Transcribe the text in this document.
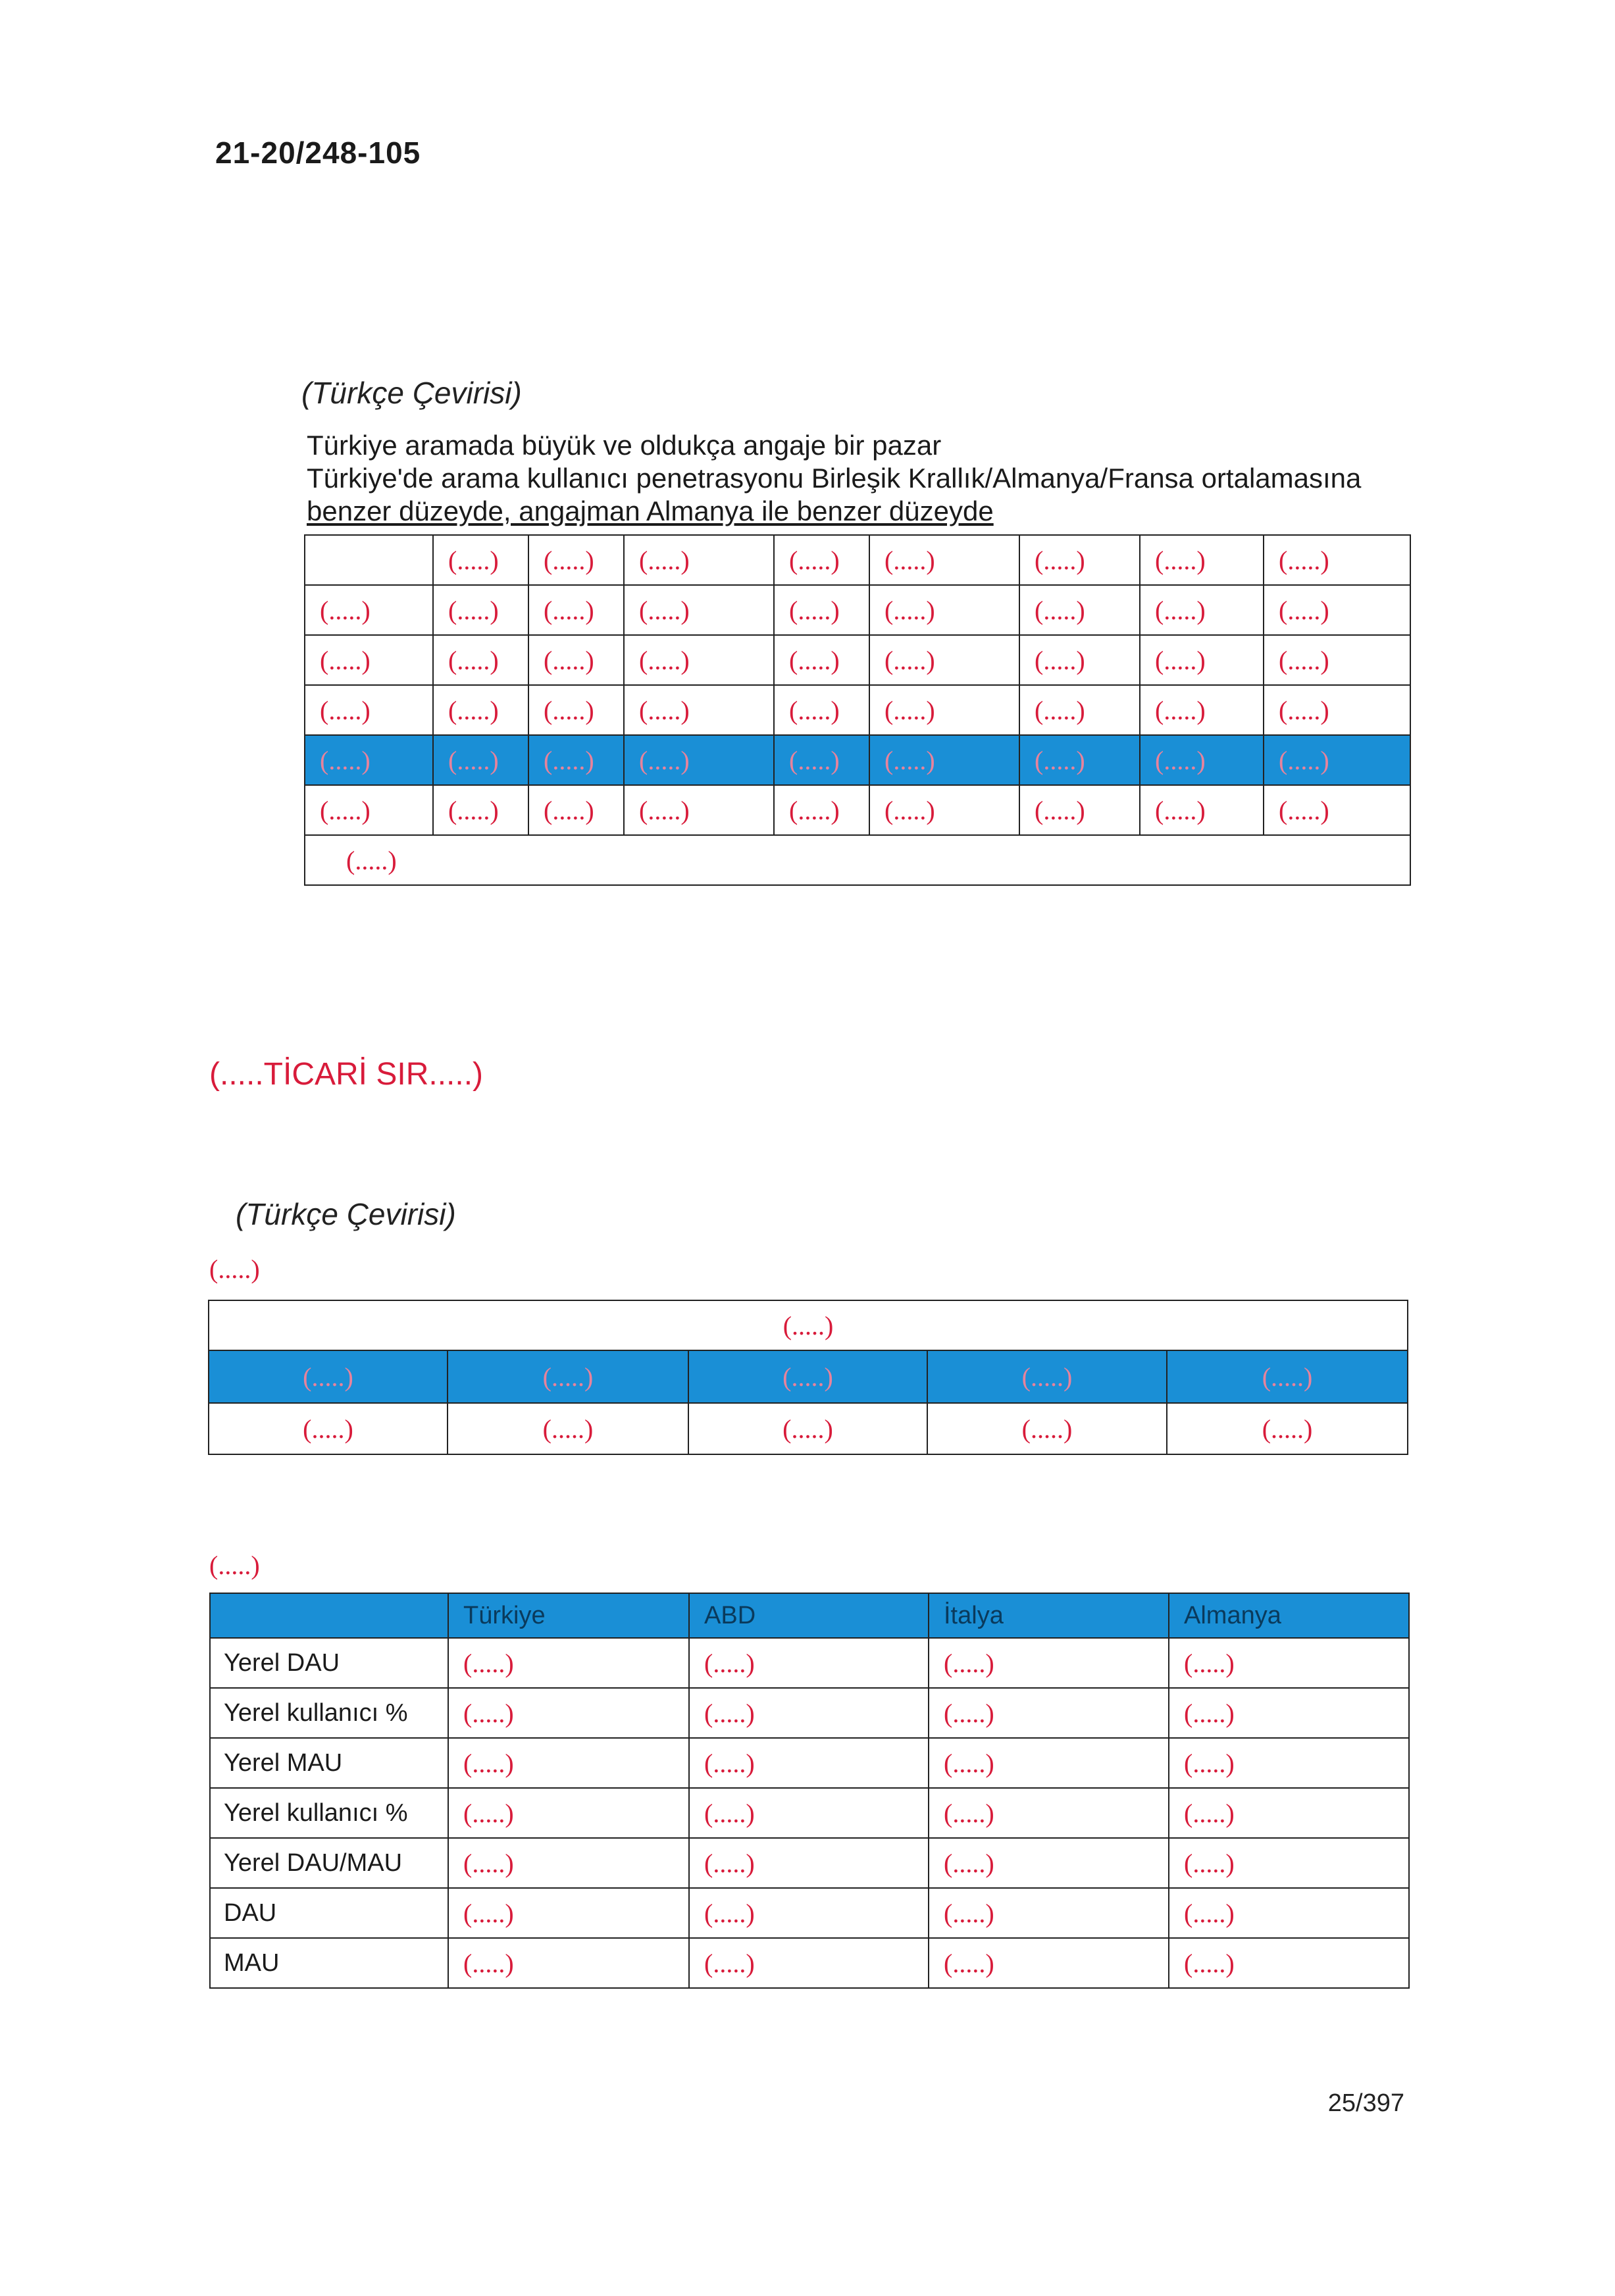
21-20/248-105
(Türkçe Çevirisi)
Türkiye aramada büyük ve oldukça angaje bir pazar
Türkiye'de arama kullanıcı penetrasyonu Birleşik Krallık/Almanya/Fransa ortalamasına
benzer düzeyde, angajman Almanya ile benzer düzeyde
	(.....)	(.....)	(.....)	(.....)	(.....)	(.....)	(.....)	(.....)
(.....)	(.....)	(.....)	(.....)	(.....)	(.....)	(.....)	(.....)	(.....)
(.....)	(.....)	(.....)	(.....)	(.....)	(.....)	(.....)	(.....)	(.....)
(.....)	(.....)	(.....)	(.....)	(.....)	(.....)	(.....)	(.....)	(.....)
(.....)	(.....)	(.....)	(.....)	(.....)	(.....)	(.....)	(.....)	(.....)
(.....)	(.....)	(.....)	(.....)	(.....)	(.....)	(.....)	(.....)	(.....)
(.....)								
(.....TİCARİ SIR.....)
(Türkçe Çevirisi)
(.....)
(.....)				
(.....)	(.....)	(.....)	(.....)	(.....)
(.....)	(.....)	(.....)	(.....)	(.....)
(.....)
	Türkiye	ABD	İtalya	Almanya
Yerel DAU	(.....)	(.....)	(.....)	(.....)
Yerel kullanıcı %	(.....)	(.....)	(.....)	(.....)
Yerel MAU	(.....)	(.....)	(.....)	(.....)
Yerel kullanıcı %	(.....)	(.....)	(.....)	(.....)
Yerel DAU/MAU	(.....)	(.....)	(.....)	(.....)
DAU	(.....)	(.....)	(.....)	(.....)
MAU	(.....)	(.....)	(.....)	(.....)
25/397
